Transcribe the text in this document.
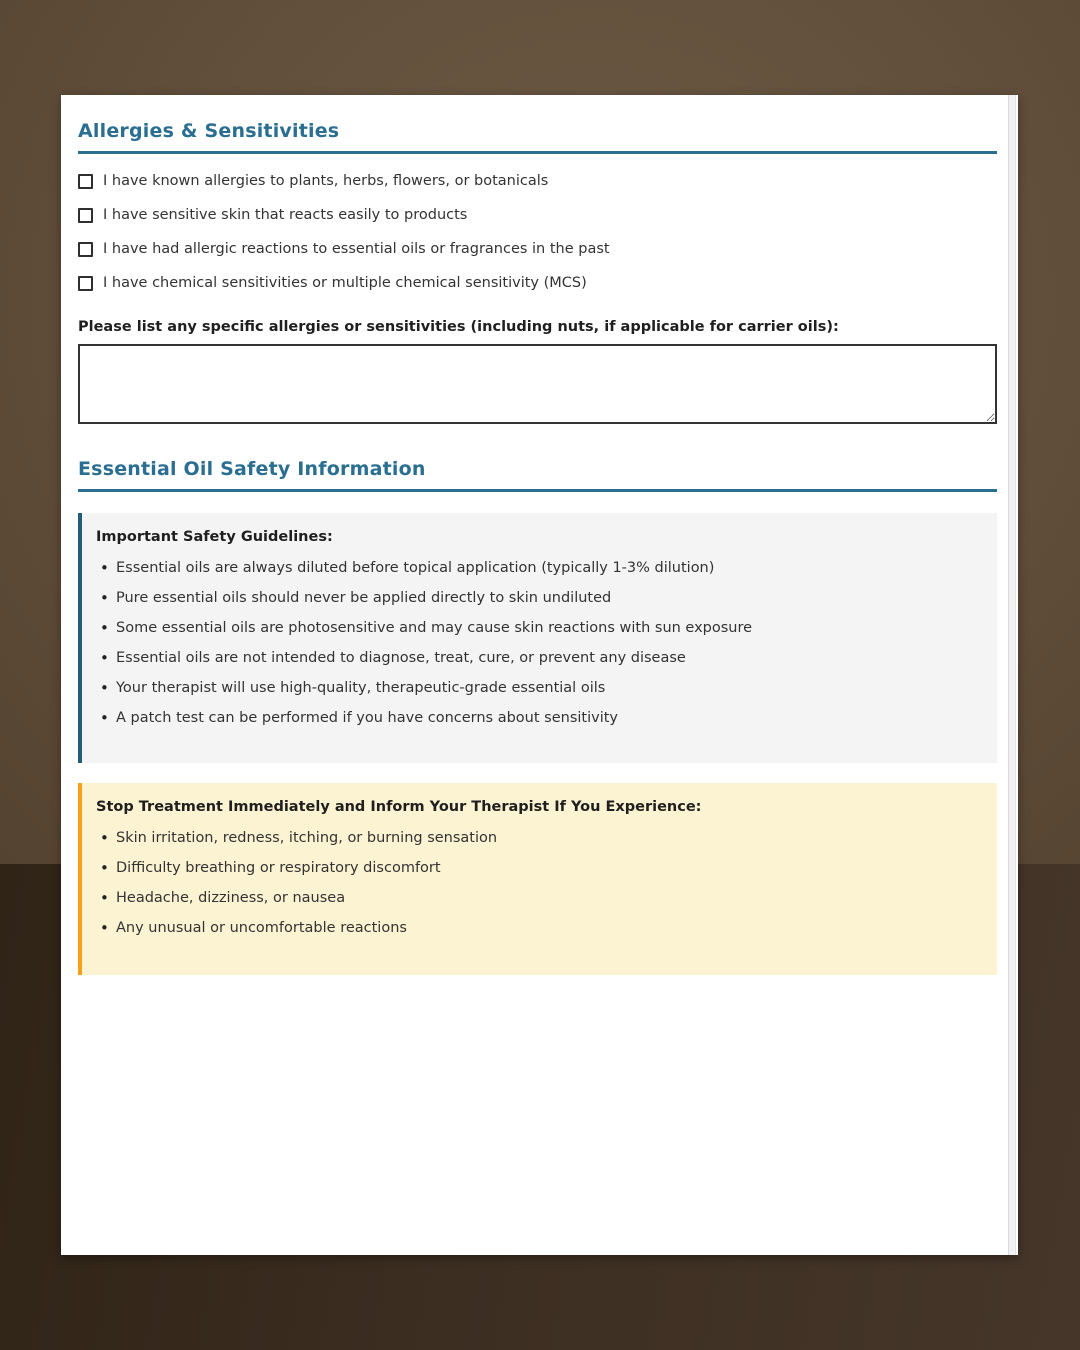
Allergies & Sensitivities
I have known allergies to plants, herbs, flowers, or botanicals
I have sensitive skin that reacts easily to products
I have had allergic reactions to essential oils or fragrances in the past
I have chemical sensitivities or multiple chemical sensitivity (MCS)
Please list any specific allergies or sensitivities (including nuts, if applicable for carrier oils):
Essential Oil Safety Information
Important Safety Guidelines:
• Essential oils are always diluted before topical application (typically 1-3% dilution)
• Pure essential oils should never be applied directly to skin undiluted
• Some essential oils are photosensitive and may cause skin reactions with sun exposure
• Essential oils are not intended to diagnose, treat, cure, or prevent any disease
• Your therapist will use high-quality, therapeutic-grade essential oils
• A patch test can be performed if you have concerns about sensitivity
Stop Treatment Immediately and Inform Your Therapist If You Experience:
• Skin irritation, redness, itching, or burning sensation
• Difficulty breathing or respiratory discomfort
• Headache, dizziness, or nausea
• Any unusual or uncomfortable reactions
